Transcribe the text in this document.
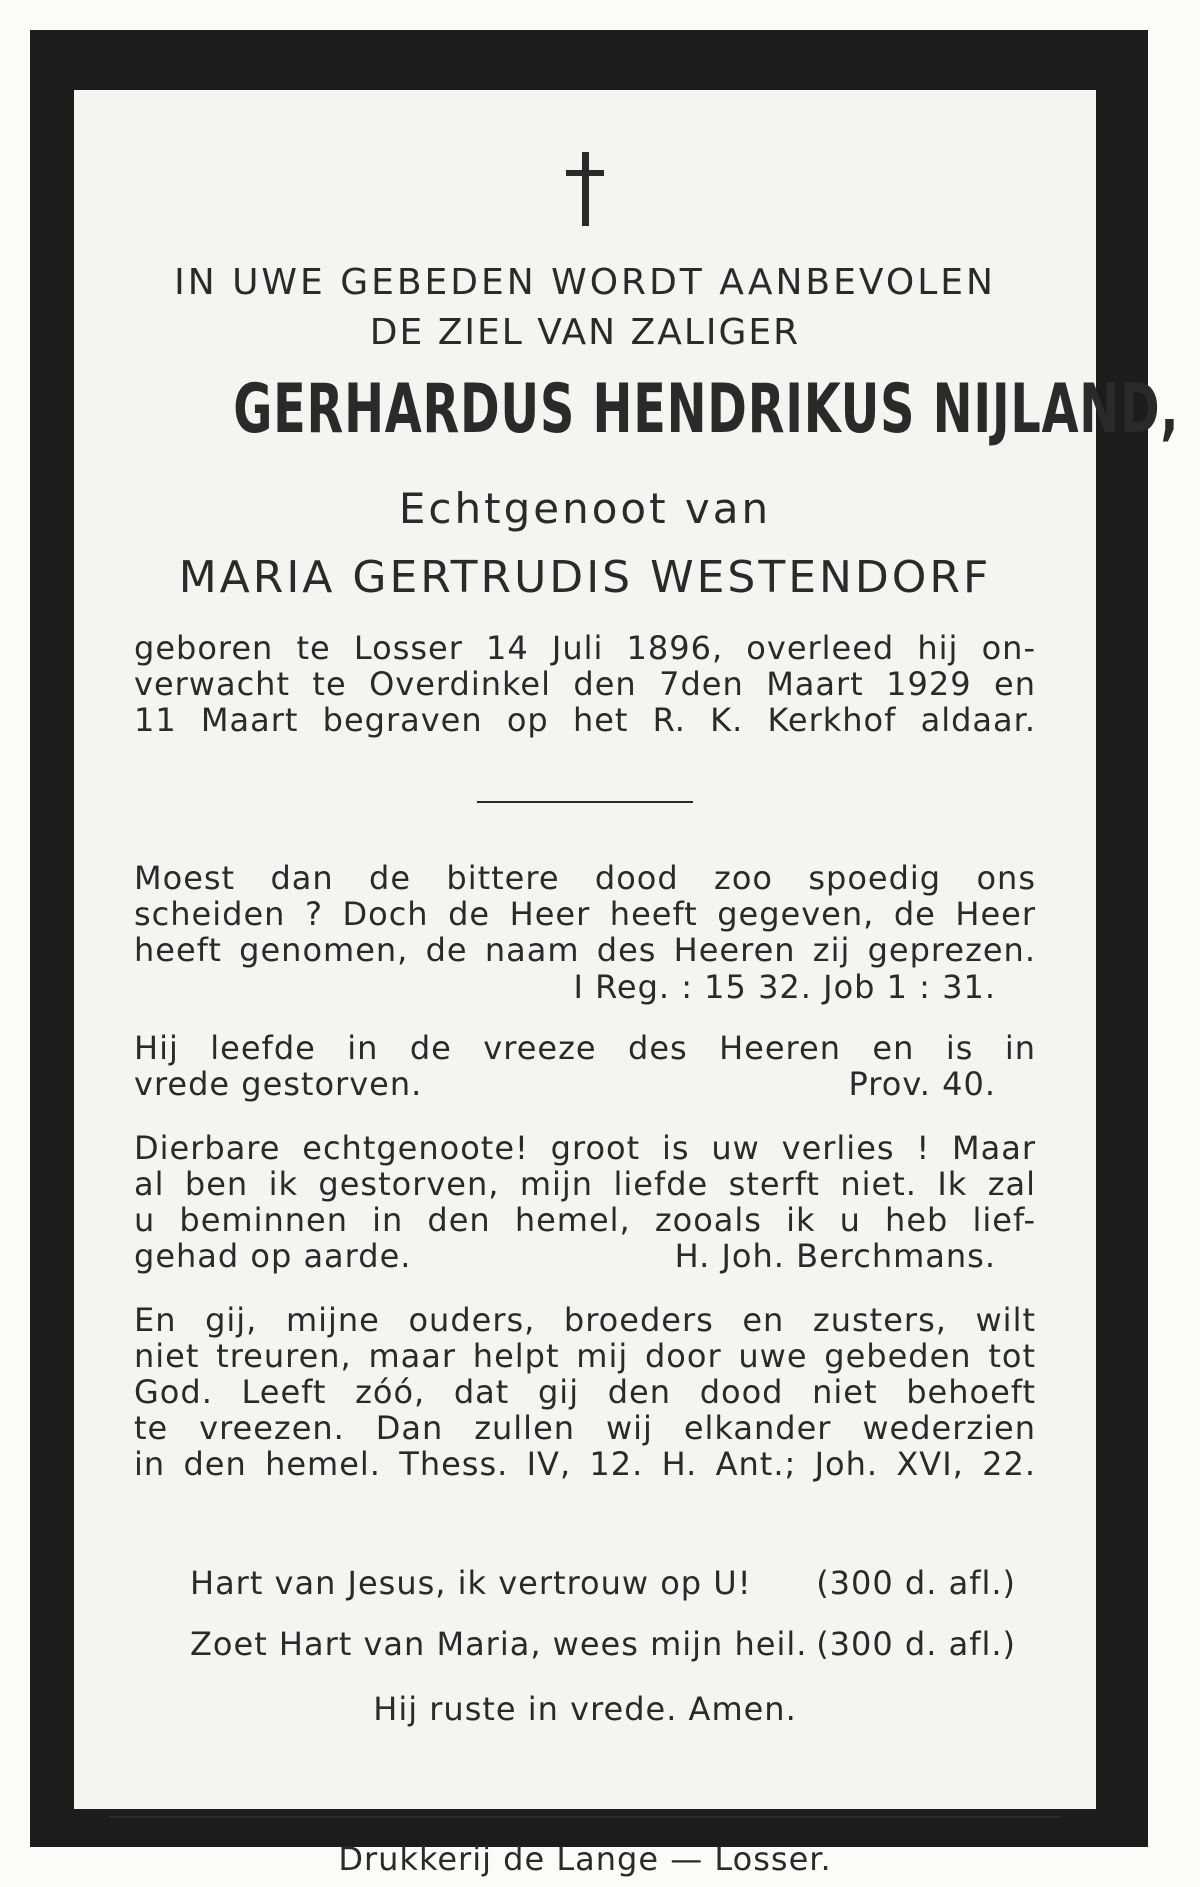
IN UWE GEBEDEN WORDT AANBEVOLEN
DE ZIEL VAN ZALIGER
GERHARDUS HENDRIKUS NIJLAND,
Echtgenoot van
MARIA GERTRUDIS WESTENDORF
geboren te Losser 14 Juli 1896, overleed hij on-
verwacht te Overdinkel den 7den Maart 1929 en
11 Maart begraven op het R. K. Kerkhof aldaar.
Moest dan de bittere dood zoo spoedig ons
scheiden ? Doch de Heer heeft gegeven, de Heer
heeft genomen, de naam des Heeren zij geprezen.
I Reg. : 15 32. Job 1 : 31.
Hij leefde in de vreeze des Heeren en is in
vrede gestorven.	Prov. 40.
Dierbare echtgenoote! groot is uw verlies ! Maar
al ben ik gestorven, mijn liefde sterft niet. Ik zal
u beminnen in den hemel, zooals ik u heb lief-
gehad op aarde.	H. Joh. Berchmans.
En gij, mijne ouders, broeders en zusters, wilt
niet treuren, maar helpt mij door uwe gebeden tot
God. Leeft zóó, dat gij den dood niet behoeft
te vreezen. Dan zullen wij elkander wederzien
in den hemel. Thess. IV, 12. H. Ant.; Joh. XVI, 22.
Hart van Jesus, ik vertrouw op U! (300 d. afl.)
Zoet Hart van Maria, wees mijn heil. (300 d. afl.)
Hij ruste in vrede. Amen.
Drukkerij de Lange — Losser.
